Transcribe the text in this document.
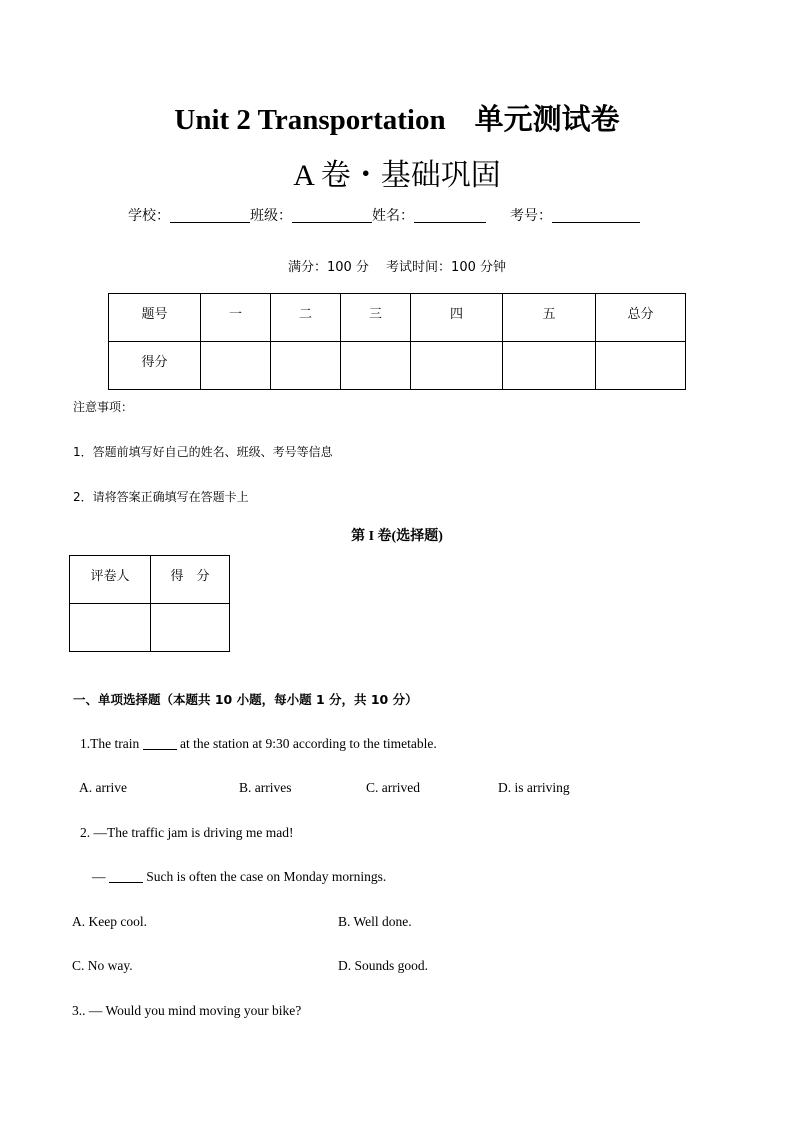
Unit 2 Transportation　单元测试卷
A 卷・基础巩固
学校：	班级：	姓名：	考号：
满分：100 分　 考试时间：100 分钟
题号	一	二	三	四	五	总分

得分						

注意事项：
1．答题前填写好自己的姓名、班级、考号等信息
2．请将答案正确填写在答题卡上
第 I 卷(选择题)
评卷人	得　分

一、单项选择题（本题共 10 小题，每小题 1 分，共 10 分）
1.The train	at the station at 9:30 according to the timetable.
A. arrive	B. arrives	C. arrived	D. is arriving
2. —The traffic jam is driving me mad!
—	Such is often the case on Monday mornings.
A. Keep cool.	B. Well done.
C. No way.	D. Sounds good.
3.. — Would you mind moving your bike?
